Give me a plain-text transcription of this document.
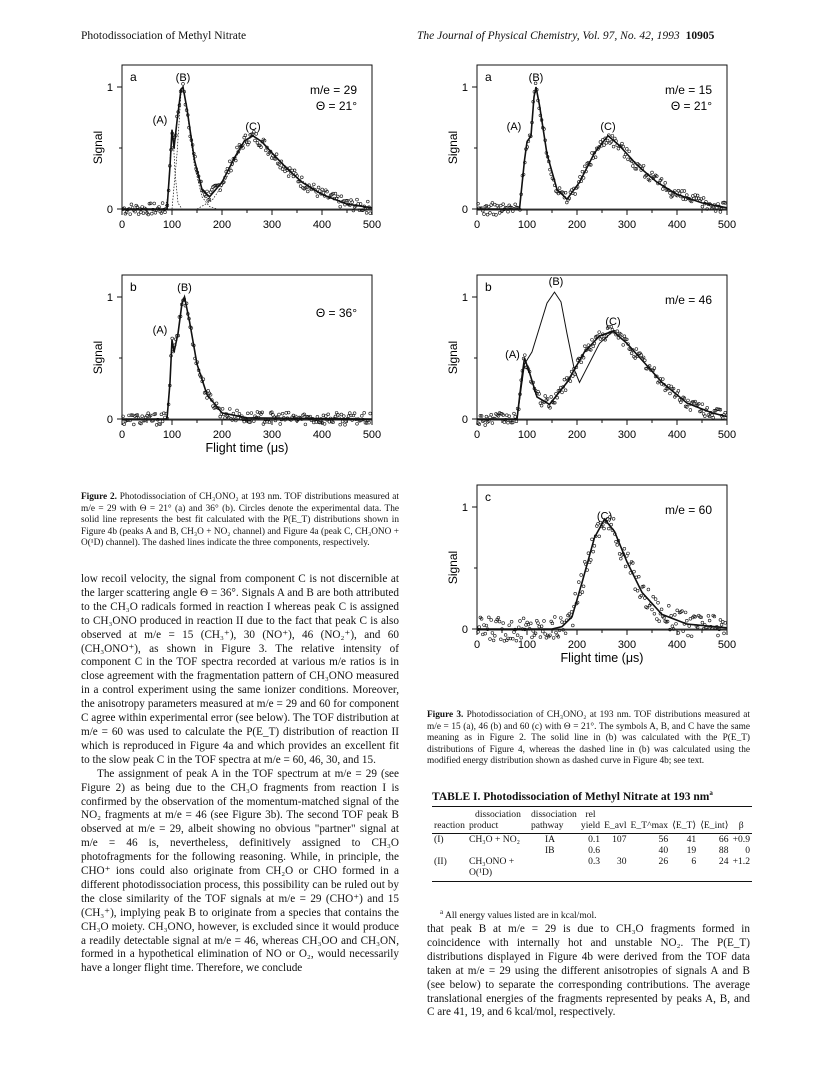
Photodissociation of Methyl Nitrate	The Journal of Physical Chemistry, Vol. 97, No. 42, 1993 10905
0	100	200	300	400	500
0
1
Signal
a
m/e = 29
Θ = 21°
(A)
(B)
(C)
0	100	200	300	400	500
0
1
Signal
Flight time (μs)
b
Θ = 36°
(A)
(B)
Figure 2. Photodissociation of CH₃ONO₂ at 193 nm. TOF distributions measured at m/e = 29 with Θ = 21° (a) and 36° (b). Circles denote the experimental data. The solid line represents the best fit calculated with the P(E_T) distributions shown in Figure 4b (peaks A and B, CH₃O + NO₂ channel) and Figure 4a (peak C, CH₃ONO + O(¹D) channel). The dashed lines indicate the three components, respectively.
0	100	200	300	400	500
0
1
Signal
a
m/e = 15
Θ = 21°
(A)
(B)
(C)
0	100	200	300	400	500
0
1
Signal
b
m/e = 46
(A)
(B)
(C)
0	100	200	300	400	500
0
1
Signal
Flight time (μs)
c
m/e = 60
(C)
Figure 3. Photodissociation of CH₃ONO₂ at 193 nm. TOF distributions measured at m/e = 15 (a), 46 (b) and 60 (c) with Θ = 21°. The symbols A, B, and C have the same meaning as in Figure 2. The solid line in (b) was calculated with the P(E_T) distributions of Figure 4, whereas the dashed line in (b) was calculated using the modified energy distribution shown as dashed curve in Figure 4b; see text.

low recoil velocity, the signal from component C is not discernible at the larger scattering angle Θ = 36°. Signals A and B are both attributed to the CH₃O radicals formed in reaction I whereas peak C is assigned to CH₃ONO produced in reaction II due to the fact that peak C is also observed at m/e = 15 (CH₃⁺), 30 (NO⁺), 46 (NO₂⁺), and 60 (CH₃ONO⁺), as shown in Figure 3. The relative intensity of component C in the TOF spectra recorded at various m/e ratios is in close agreement with the fragmentation pattern of CH₃ONO measured in a control experiment using the same ionizer conditions. Moreover, the anisotropy parameters measured at m/e = 29 and 60 for component C agree within experimental error (see below). The TOF distribution at m/e = 60 was used to calculate the P(E_T) distribution of reaction II which is reproduced in Figure 4a and which provides an excellent fit to the slow peak C in the TOF spectra at m/e = 60, 46, 30, and 15.

The assignment of peak A in the TOF spectrum at m/e = 29 (see Figure 2) as being due to the CH₃O fragments from reaction I is confirmed by the observation of the momentum-matched signal of the NO₂ fragments at m/e = 46 (see Figure 3b). The second TOF peak B observed at m/e = 29, albeit showing no obvious "partner" signal at m/e = 46 is, nevertheless, definitively assigned to CH₃O photofragments for the following reasoning. While, in principle, the CHO⁺ ions could also originate from CH₂O or CHO formed in a different photodissociation process, this possibility can be ruled out by the close similarity of the TOF signals at m/e = 29 (CHO⁺) and 15 (CH₃⁺), implying peak B to originate from a species that contains the CH₃O moiety. CH₃ONO, however, is excluded since it would produce a readily detectable signal at m/e = 46, whereas CH₃OO and CH₃ON, formed in a hypothetical elimination of NO or O₂, would necessarily have a longer flight time. Therefore, we conclude

TABLE I. Photodissociation of Methyl Nitrate at 193 $nm^a$
	dissociation	dissociation	rel					
reaction	product	pathway	yield	E_avl	E_T^max	⟨E_T⟩	⟨E_int⟩	β
(I)	CH₃O + NO₂	IA	0.1	107	56	41	66	+0.9
		IB	0.6		40	19	88	0
(II)	CH₃ONO + O(¹D)		0.3	30	26	6	24	+1.2
$^a$ All energy values listed are in kcal/mol.

that peak B at m/e = 29 is due to CH₃O fragments formed in coincidence with internally hot and unstable NO₂. The P(E_T) distributions displayed in Figure 4b were derived from the TOF data taken at m/e = 29 using the different anisotropies of signals A and B (see below) to separate the corresponding contributions. The average translational energies of the fragments represented by peaks A, B, and C are 41, 19, and 6 kcal/mol, respectively.
